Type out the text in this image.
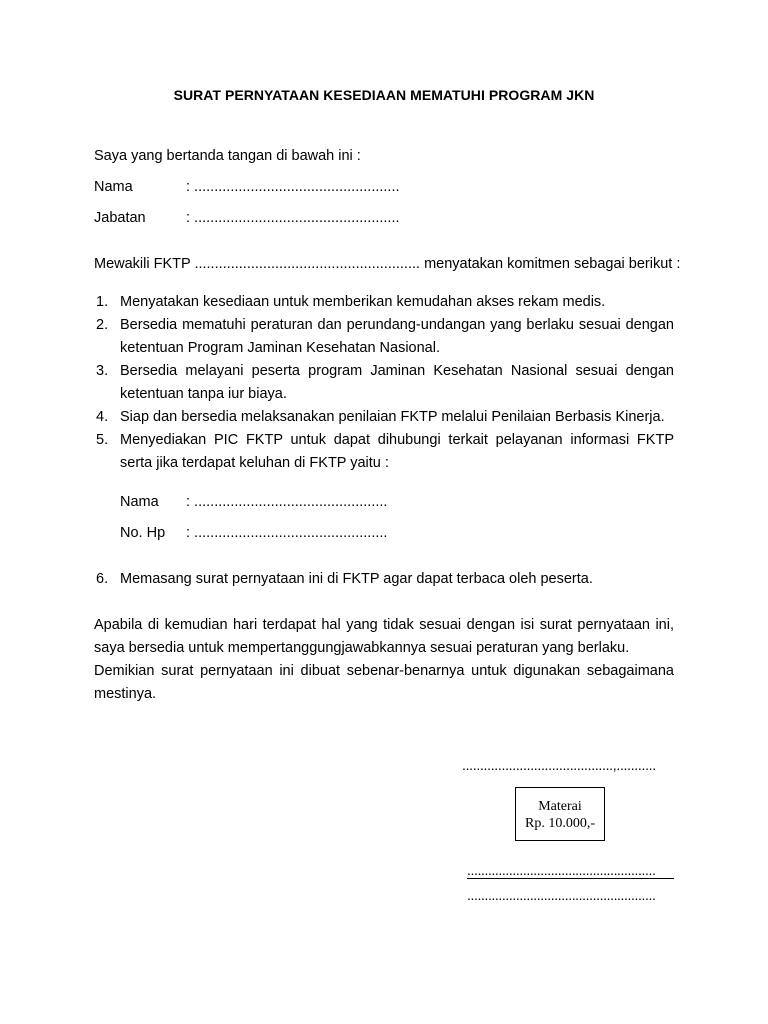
SURAT PERNYATAAN KESEDIAAN MEMATUHI PROGRAM JKN
Saya yang bertanda tangan di bawah ini :
Nama	: ...................................................
Jabatan	: ...................................................
Mewakili FKTP ........................................................ menyatakan komitmen sebagai berikut :
1. Menyatakan kesediaan untuk memberikan kemudahan akses rekam medis.
2. Bersedia mematuhi peraturan dan perundang-undangan yang berlaku sesuai dengan ketentuan Program Jaminan Kesehatan Nasional.
3. Bersedia melayani peserta program Jaminan Kesehatan Nasional sesuai dengan ketentuan tanpa iur biaya.
4. Siap dan bersedia melaksanakan penilaian FKTP melalui Penilaian Berbasis Kinerja.
5. Menyediakan PIC FKTP untuk dapat dihubungi terkait pelayanan informasi FKTP serta jika terdapat keluhan di FKTP yaitu :
Nama : ................................................
No. Hp : ................................................
6. Memasang surat pernyataan ini di FKTP agar dapat terbaca oleh peserta.
Apabila di kemudian hari terdapat hal yang tidak sesuai dengan isi surat pernyataan ini, saya bersedia untuk mempertanggungjawabkannya sesuai peraturan yang berlaku.
Demikian surat pernyataan ini dibuat sebenar-benarnya untuk digunakan sebagaimana mestinya.
..........................................,...........
Materai
Rp. 10.000,-
......................................................
......................................................
